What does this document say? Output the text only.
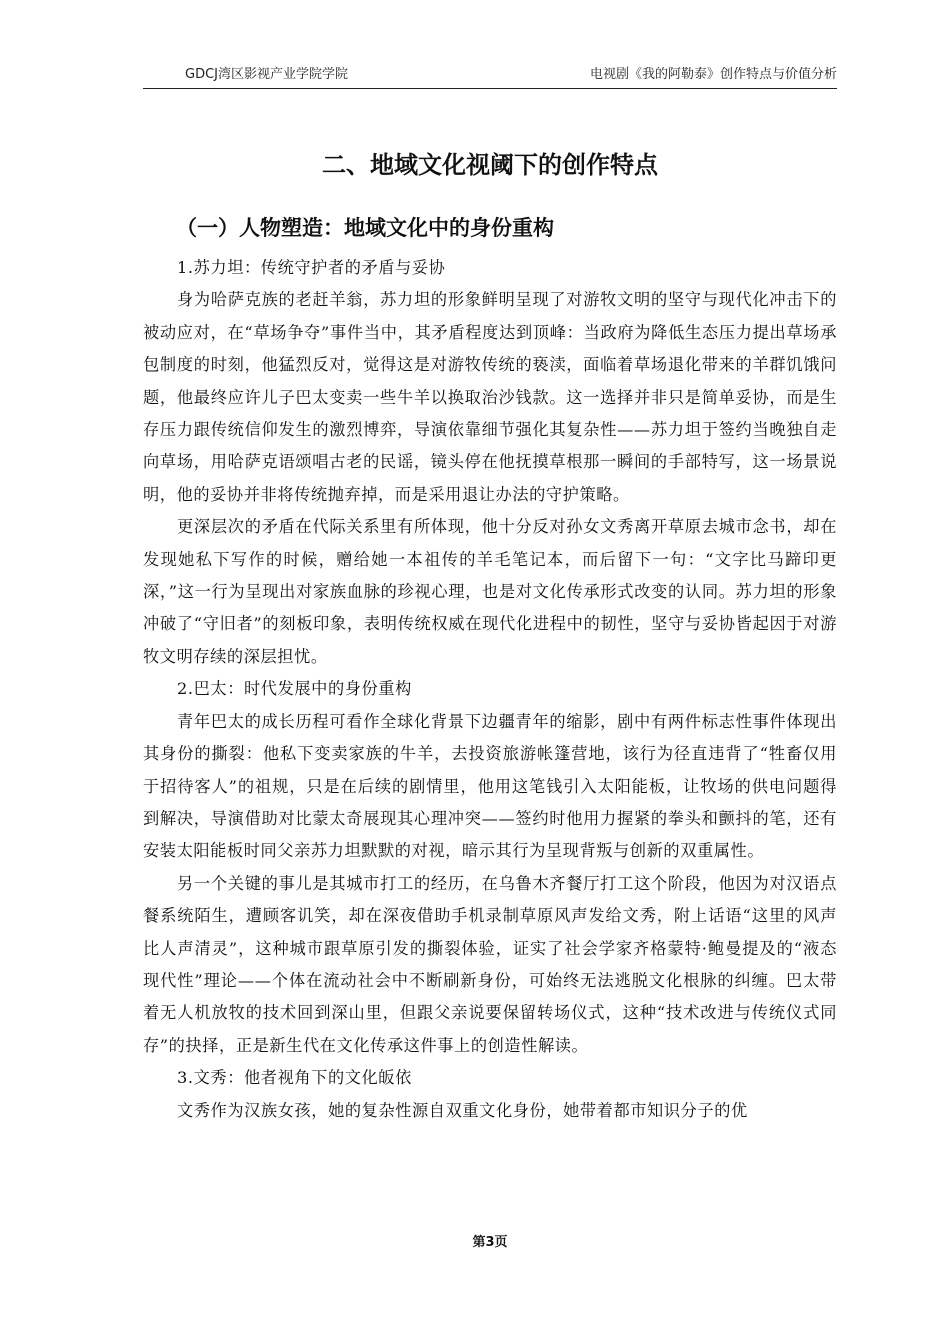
GDCJ湾区影视产业学院学院	电视剧《我的阿勒泰》创作特点与价值分析
二、地域文化视阈下的创作特点
（一）人物塑造：地域文化中的身份重构

1.苏力坦：传统守护者的矛盾与妥协

身为哈萨克族的老赶羊翁，苏力坦的形象鲜明呈现了对游牧文明的坚守与现代化冲击下的被动应对，在“草场争夺”事件当中，其矛盾程度达到顶峰：当政府为降低生态压力提出草场承包制度的时刻，他猛烈反对，觉得这是对游牧传统的亵渎，面临着草场退化带来的羊群饥饿问题，他最终应许儿子巴太变卖一些牛羊以换取治沙钱款。这一选择并非只是简单妥协，而是生存压力跟传统信仰发生的激烈博弈，导演依靠细节强化其复杂性——苏力坦于签约当晚独自走向草场，用哈萨克语颂唱古老的民谣，镜头停在他抚摸草根那一瞬间的手部特写，这一场景说明，他的妥协并非将传统抛弃掉，而是采用退让办法的守护策略。

更深层次的矛盾在代际关系里有所体现，他十分反对孙女文秀离开草原去城市念书，却在发现她私下写作的时候，赠给她一本祖传的羊毛笔记本，而后留下一句：“文字比马蹄印更深，”这一行为呈现出对家族血脉的珍视心理，也是对文化传承形式改变的认同。苏力坦的形象冲破了“守旧者”的刻板印象，表明传统权威在现代化进程中的韧性，坚守与妥协皆起因于对游牧文明存续的深层担忧。

2.巴太：时代发展中的身份重构

青年巴太的成长历程可看作全球化背景下边疆青年的缩影，剧中有两件标志性事件体现出其身份的撕裂：他私下变卖家族的牛羊，去投资旅游帐篷营地，该行为径直违背了“牲畜仅用于招待客人”的祖规，只是在后续的剧情里，他用这笔钱引入太阳能板，让牧场的供电问题得到解决，导演借助对比蒙太奇展现其心理冲突——签约时他用力握紧的拳头和颤抖的笔，还有安装太阳能板时同父亲苏力坦默默的对视，暗示其行为呈现背叛与创新的双重属性。

另一个关键的事儿是其城市打工的经历，在乌鲁木齐餐厅打工这个阶段，他因为对汉语点餐系统陌生，遭顾客讥笑，却在深夜借助手机录制草原风声发给文秀，附上话语“这里的风声比人声清灵”，这种城市跟草原引发的撕裂体验，证实了社会学家齐格蒙特·鲍曼提及的“液态现代性”理论——个体在流动社会中不断刷新身份，可始终无法逃脱文化根脉的纠缠。巴太带着无人机放牧的技术回到深山里，但跟父亲说要保留转场仪式，这种“技术改进与传统仪式同存”的抉择，正是新生代在文化传承这件事上的创造性解读。

3.文秀：他者视角下的文化皈依

文秀作为汉族女孩，她的复杂性源自双重文化身份，她带着都市知识分子的优

第3页
